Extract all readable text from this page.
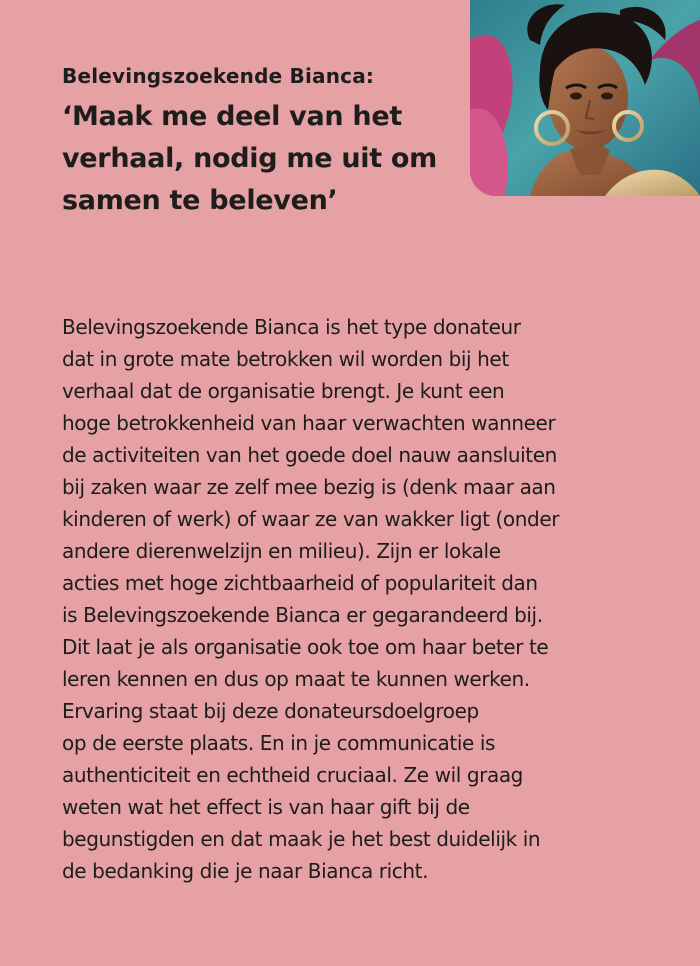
Belevingszoekende Bianca:
‘Maak me deel van het
verhaal, nodig me uit om
samen te beleven’

Belevingszoekende Bianca is het type donateur
dat in grote mate betrokken wil worden bij het
verhaal dat de organisatie brengt. Je kunt een
hoge betrokkenheid van haar verwachten wanneer
de activiteiten van het goede doel nauw aansluiten
bij zaken waar ze zelf mee bezig is (denk maar aan
kinderen of werk) of waar ze van wakker ligt (onder
andere dierenwelzijn en milieu). Zijn er lokale
acties met hoge zichtbaarheid of populariteit dan
is Belevingszoekende Bianca er gegarandeerd bij.
Dit laat je als organisatie ook toe om haar beter te
leren kennen en dus op maat te kunnen werken.
Ervaring staat bij deze donateursdoelgroep
op de eerste plaats. En in je communicatie is
authenticiteit en echtheid cruciaal. Ze wil graag
weten wat het effect is van haar gift bij de
begunstigden en dat maak je het best duidelijk in
de bedanking die je naar Bianca richt.
